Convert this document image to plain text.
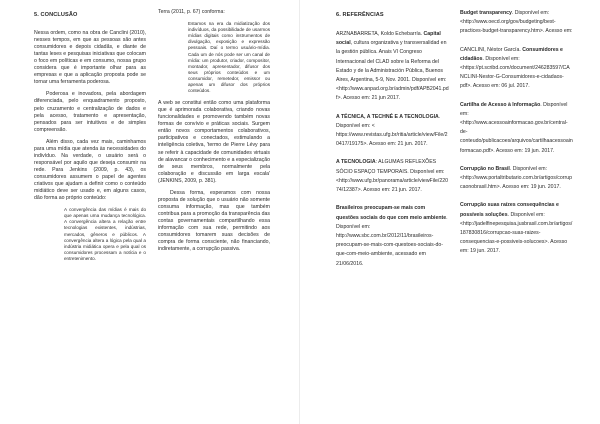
5. CONCLUSÃO

Nessa ordem, como na obra de Canclini (2010), nesses tempos, em que as pessoas são antes consumidores e depois cidadãs, e diante de tantas leses e pesquisas iniciativas que colocam o foco em políticas e em consumo, nossa grupo considera que é importante olhar para as empresas e que a aplicação proposta pode se tornar uma ferramenta poderosa.

Poderosa e inovadora, pela abordagem diferenciada, pelo enquadramento proposto, pelo cruzamento e centralização de dados e pela acesso, tratamento e apresentação, pensados para ser intuitivos e de simples compreensão.

Além disso, cada vez mais, caminhamos para uma mídia que atenda às necessidades do indivíduo. Na verdade, o usuário será o responsável por aquilo que deseja consumir na rede. Para Jenkins (2009, p. 43), os consumidores assumem o papel de agentes criativos que ajudam a definir como o conteúdo midiático deve ser usado e, em alguns casos, dão forma ao próprio conteúdo:

A convergência das mídias é mais do que apenas uma mudança tecnológica. A convergência altera a relação entre tecnologias existentes, indústrias, mercados, gêneros e públicos. A convergência altera a lógica pela qual a indústria midiática opera e pela qual os consumidores processam a notícia e o entretenimento.

Terra (2011, p. 67) conforma:

Estamos na era da midiatização dos indivíduos, da possibilidade de usarmos mídias digitais como instrumentos de divulgação, exposição e expressão pessoais. Daí o termo usuário-mídia. Cada um de nós pode ser um canal de mídia: um produtor, criador, compositor, montador, apresentador, difusor dos seus próprios conteúdos e um consumidor, remetedor, emissor ou apenas um difusor dos próprios conteúdos.

A web se constitui então como uma plataforma que é aprimorada colaborativa, criando novas funcionalidades e promovendo também novas formas de convívio e práticas sociais. Surgem então novos comportamentos colaborativos, participativos e conectados, estimulando a inteligência coletiva, 'termo de Pierre Lévy para se referir à capacidade de comunidades virtuais de alavancar o conhecimento e a especialização de seus membros, normalmente pela colaboração e discussão em larga escala' (JENKINS, 2009, p. 381).

Dessa forma, esperamos com nossa proposta de solução que o usuário não somente consuma informação, mas que também contribua para a promoção da transparência das contas governamentais compartilhando essa informação com sua rede, permitindo aos consumidores tomarem suas decisões de compra de forma consciente, não financiando, indiretamente, a corrupção passiva.

6. REFERÊNCIAS
ARZNABARRETA, Koldo Echebarría. Capital social, cultura organizativa y transversalidad en la gestión pública. Anais VI Congreso Internacional del CLAD sobre la Reforma del Estado y de la Administración Pública, Buenos Aires, Argentina, 5-9, Nov. 2001. Disponível em: <http://www.anpad.org.br/admin/pdf/APB2041.pdf>. Acesso em: 21 jun 2017.
A TÉCNICA, A TECHNÉ E A TECNOLOGIA. Disponível em: < https://www.revistas.ufg.br/ritia/article/view/File/20417/19175>. Acesso em: 21 jun. 2017.
A TECNOLOGIA: ALGUMAS REFLEXÕES SÓCIO ESPAÇO TEMPORAIS. Disponível em: <http://www.ufg.br/panorama/article/viewFile/22074/12387>. Acesso em: 21 jun. 2017.
Brasileiros preocupam-se mais com questões sociais do que com meio ambiente. Disponível em: http://www.sbc.com.br/2012/11/brasileiros-preocupam-se-mais-com-questoes-sociais-do-que-com-meio-ambiente, acessado em 21/06/2016.
Budget transparency. Disponível em: <http://www.oecd.org/gov/budgeting/best-practices-budget-transparency.htm>. Acesso em:
CANCLINI, Néstor García. Consumidores e cidadãos. Disponível em: <https://pt.scribd.com/document/246283597/CANCLINI-Nestor-G-Consumidores-e-cidadaos-pdf>. Acesso em: 06 jul. 2017.
Cartilha de Acesso à Informação. Disponível em: <http://www.acessoainformacao.gov.br/central-de-conteudo/publicacoes/arquivos/cartilhaacessoainformacao.pdf>. Acesso em: 19 jun. 2017.
Corrupção no Brasil. Disponível em: <http://www.portaltributario.com.br/artigos/corrupcaonobrasil.htm>. Acesso em: 19 jun. 2017.
Corrupção suas raízes consequências e possíveis soluções. Disponível em: <http://jadelfinepesquisa.jusbrasil.com.br/artigos/187830816/corrupcao-suas-raizes-consequencias-e-possiveis-solucoes>. Acesso em: 19 jun. 2017.
